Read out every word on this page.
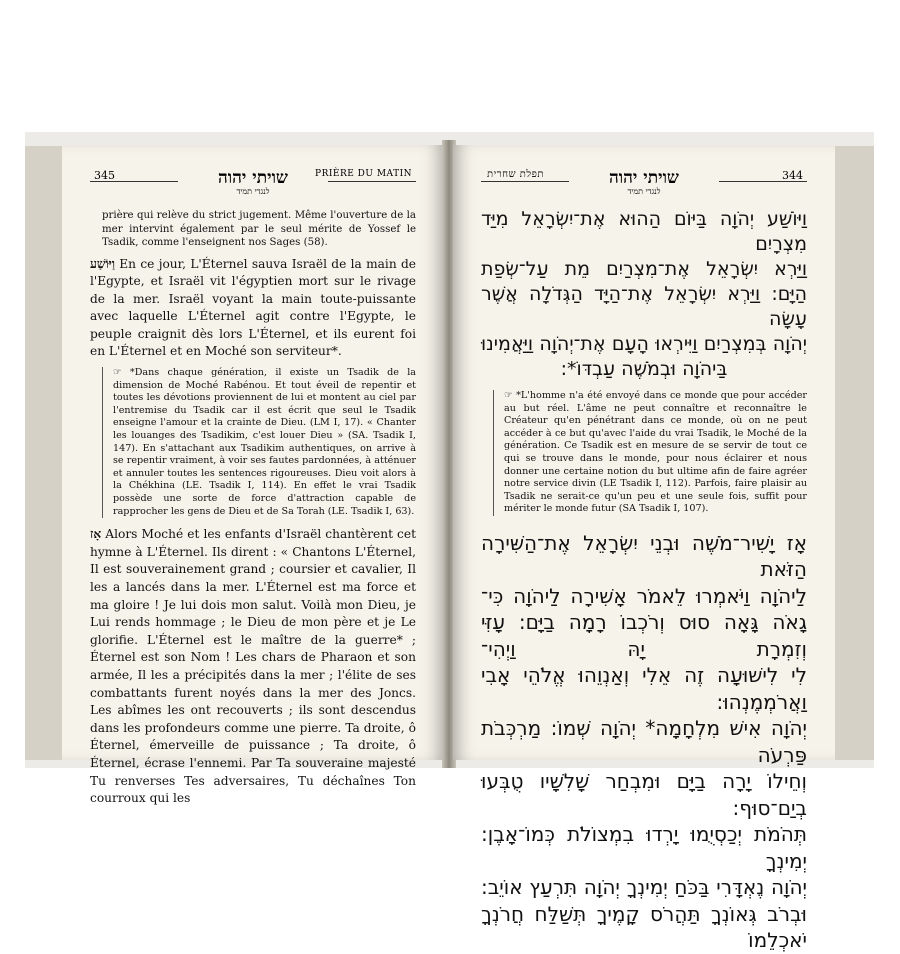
345	שויתי יהוה
לנגדי תמיד
PRIÈRE DU MATIN
prière qui relève du strict jugement. Même l'ouverture de la mer intervint également par le seul mérite de Yossef le Tsadik, comme l'enseignent nos Sages (58).
וַיּוֹשַׁע En ce jour, L'Éternel sauva Israël de la main de l'Egypte, et Israël vit l'égyptien mort sur le rivage de la mer. Israël voyant la main toute-puissante avec laquelle L'Éternel agit contre l'Egypte, le peuple craignit dès lors L'Éternel, et ils eurent foi en L'Éternel et en Moché son serviteur*.
☞ *Dans chaque génération, il existe un Tsadik de la dimension de Moché Rabénou. Et tout éveil de repentir et toutes les dévotions proviennent de lui et montent au ciel par l'entremise du Tsadik car il est écrit que seul le Tsadik enseigne l'amour et la crainte de Dieu. (LM I, 17). « Chanter les louanges des Tsadikim, c'est louer Dieu » (SA. Tsadik I, 147). En s'attachant aux Tsadikim authentiques, on arrive à se repentir vraiment, à voir ses fautes pardonnées, à atténuer et annuler toutes les sentences rigoureuses. Dieu voit alors à la Chékhina (LE. Tsadik I, 114). En effet le vrai Tsadik possède une sorte de force d'attraction capable de rapprocher les gens de Dieu et de Sa Torah (LE. Tsadik I, 63).
אָז Alors Moché et les enfants d'Israël chantèrent cet hymne à L'Éternel. Ils dirent : « Chantons L'Éternel, Il est souverainement grand ; coursier et cavalier, Il les a lancés dans la mer. L'Éternel est ma force et ma gloire ! Je lui dois mon salut. Voilà mon Dieu, je Lui rends hommage ; le Dieu de mon père et je Le glorifie. L'Éternel est le maître de la guerre* ; Éternel est son Nom ! Les chars de Pharaon et son armée, Il les a précipités dans la mer ; l'élite de ses combattants furent noyés dans la mer des Joncs. Les abîmes les ont recouverts ; ils sont descendus dans les profondeurs comme une pierre. Ta droite, ô Éternel, émerveille de puissance ; Ta droite, ô Éternel, écrase l'ennemi. Par Ta souveraine majesté Tu renverses Tes adversaires, Tu déchaînes Ton courroux qui les
תפלת שחרית	שויתי יהוה
לנגדי תמיד
344
וַיּוֹשַׁע יְהֹוָה בַּיּוֹם הַהוּא אֶת־יִשְׂרָאֵל מִיַּד מִצְרָיִם
וַיַּרְא יִשְׂרָאֵל אֶת־מִצְרַיִם מֵת עַל־שְׂפַת
הַיָּם: וַיַּרְא יִשְׂרָאֵל אֶת־הַיָּד הַגְּדֹלָה אֲשֶׁר עָשָׂה
יְהֹוָה בְּמִצְרַיִם וַיִּירְאוּ הָעָם אֶת־יְהֹוָה וַיַּאֲמִינוּ
בַּיהֹוָה וּבְמֹשֶׁה עַבְדּוֹ*:
☞ *L'homme n'a été envoyé dans ce monde que pour accéder au but réel. L'âme ne peut connaître et reconnaître le Créateur qu'en pénétrant dans ce monde, où on ne peut accéder à ce but qu'avec l'aide du vrai Tsadik, le Moché de la génération. Ce Tsadik est en mesure de se servir de tout ce qui se trouve dans le monde, pour nous éclairer et nous donner une certaine notion du but ultime afin de faire agréer notre service divin (LE Tsadik I, 112). Parfois, faire plaisir au Tsadik ne serait-ce qu'un peu et une seule fois, suffit pour mériter le monde futur (SA Tsadik I, 107).
אָז יָשִׁיר־מֹשֶׁה וּבְנֵי יִשְׂרָאֵל אֶת־הַשִּׁירָה הַזֹּאת
לַיהֹוָה וַיֹּאמְרוּ לֵאמֹר אָשִׁירָה לַיהֹוָה כִּי־
גָאֹה גָּאָה סוּס וְרֹכְבוֹ רָמָה בַיָּם: עָזִּי וְזִמְרָת יָהּ וַיְהִי־
לִי לִישׁוּעָה זֶה אֵלִי וְאַנְוֵהוּ אֱלֹהֵי אָבִי וַאֲרֹמְמֶנְהוּ:
יְהֹוָה אִישׁ מִלְחָמָה* יְהֹוָה שְׁמוֹ: מַרְכְּבֹת פַּרְעֹה
וְחֵילוֹ יָרָה בַיָּם וּמִבְחַר שָׁלִשָׁיו טֻבְּעוּ בְיַם־סוּף:
תְּהֹמֹת יְכַסְיֻמוּ יָרְדוּ בִמְצוֹלֹת כְּמוֹ־אָבֶן: יְמִינְךָ
יְהֹוָה נֶאְדָּרִי בַּכֹּחַ יְמִינְךָ יְהֹוָה תִּרְעַץ אוֹיֵב:
וּבְרֹב גְּאוֹנְךָ תַּהֲרֹס קָמֶיךָ תְּשַׁלַּח חֲרֹנְךָ יֹאכְלֵמוֹ
